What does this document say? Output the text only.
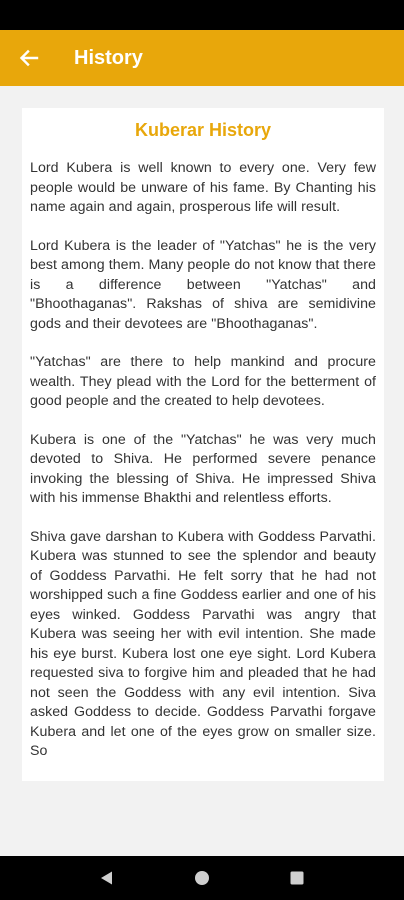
History
Kuberar History

Lord Kubera is well known to every one. Very few people would be unware of his fame. By Chanting his name again and again, prosperous life will result.

Lord Kubera is the leader of "Yatchas" he is the very best among them. Many people do not know that there is a difference between "Yatchas" and "Bhoothaganas". Rakshas of shiva are semidivine gods and their devotees are "Bhoothaganas".

"Yatchas" are there to help mankind and procure wealth. They plead with the Lord for the betterment of good people and the created to help devotees.

Kubera is one of the "Yatchas" he was very much devoted to Shiva. He performed severe penance invoking the blessing of Shiva. He impressed Shiva with his immense Bhakthi and relentless efforts.

Shiva gave darshan to Kubera with Goddess Parvathi. Kubera was stunned to see the splendor and beauty of Goddess Parvathi. He felt sorry that he had not worshipped such a fine Goddess earlier and one of his eyes winked. Goddess Parvathi was angry that Kubera was seeing her with evil intention. She made his eye burst. Kubera lost one eye sight. Lord Kubera requested siva to forgive him and pleaded that he had not seen the Goddess with any evil intention. Siva asked Goddess to decide. Goddess Parvathi forgave Kubera and let one of the eyes grow on smaller size. So
